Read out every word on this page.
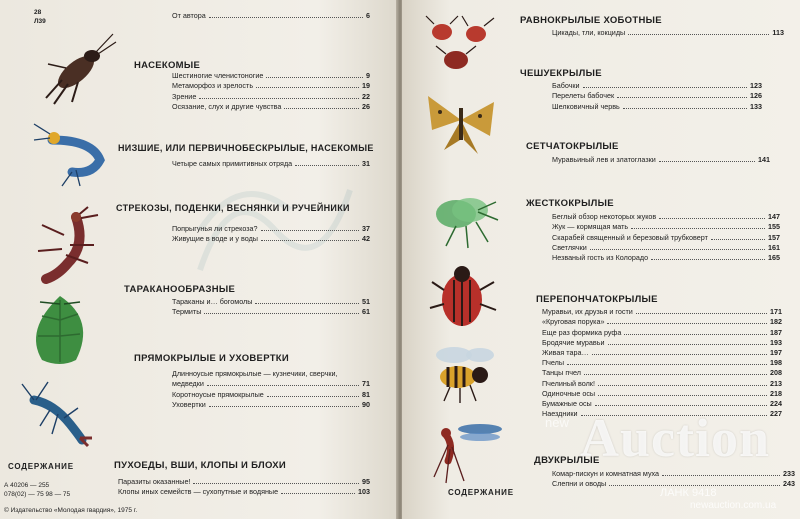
28
Л39
От автора	6
НАСЕКОМЫЕ
Шестиногие членистоногие	9
Метаморфоз и зрелость	19
Зрение	22
Осязание, слух и другие чувства	26
НИЗШИЕ, ИЛИ ПЕРВИЧНОБЕСКРЫЛЫЕ, НАСЕКОМЫЕ
Четыре самых примитивных отряда	31
СТРЕКОЗЫ, ПОДЕНКИ, ВЕСНЯНКИ И РУЧЕЙНИКИ
Попрыгунья ли стрекоза?	37
Живущие в воде и у воды	42
ТАРАКАНООБРАЗНЫЕ
Тараканы и… богомолы	51
Термиты	61
ПРЯМОКРЫЛЫЕ И УХОВЕРТКИ
Длинноусые прямокрылые — кузнечики, сверчки,
медведки	71
Коротноусые прямокрылые	81
Уховертки	90
ПУХОЕДЫ, ВШИ, КЛОПЫ И БЛОХИ
Паразиты оказанные!	95
Клопы иных семейств — сухопутные и водяные	103
СОДЕРЖАНИЕ
А 40206 — 255
078(02) — 75 98 — 75
© Издательство «Молодая гвардия», 1975 г.
РАВНОКРЫЛЫЕ ХОБОТНЫЕ
Цикады, тли, кокциды	113
ЧЕШУЕКРЫЛЫЕ
Бабочки	123
Перелеты бабочек	126
Шелковичный червь	133
СЕТЧАТОКРЫЛЫЕ
Муравьиный лев и златоглазки	141
ЖЕСТКОКРЫЛЫЕ
Беглый обзор некоторых жуков	147
Жук — кормящая мать	155
Скарабей священный и березовый трубковерт	157
Светлячки	161
Незваный гость из Колорадо	165
ПЕРЕПОНЧАТОКРЫЛЫЕ
Муравьи, их друзья и гости	171
«Круговая порука»	182
Еще раз формика руфа	187
Бродячие муравьи	193
Живая тара…	197
Пчелы	198
Танцы пчел	208
Пчелиный волк!	213
Одиночные осы	218
Бумажные осы	224
Наездники	227
ДВУКРЫЛЫЕ
Комар-пискун и комнатная муха	233
Слепни и оводы	243
СОДЕРЖАНИЕ
new Auction
ЛАНК 9418
newauction.com.ua
